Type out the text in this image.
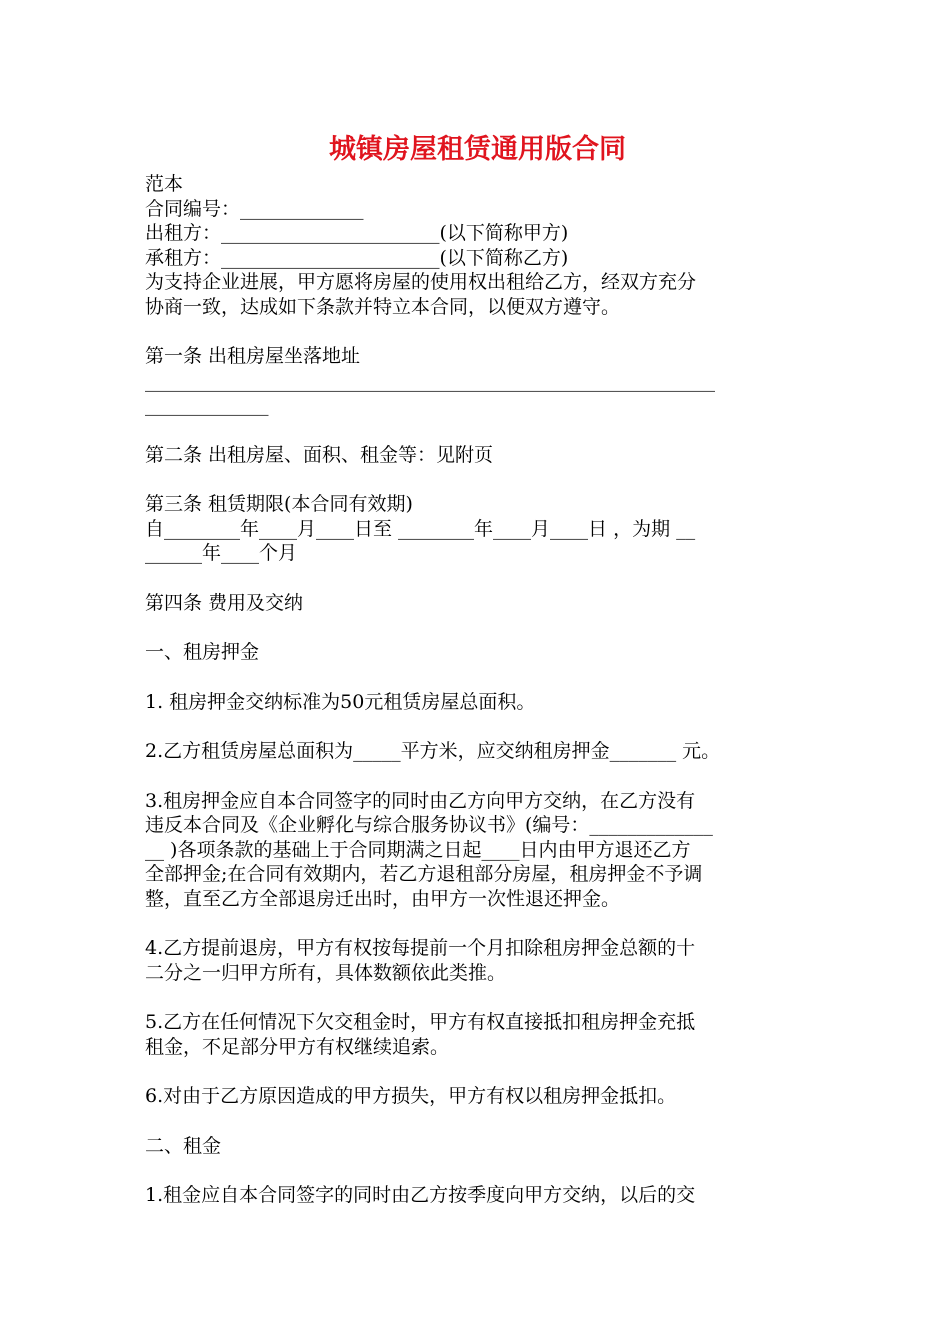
城镇房屋租赁通用版合同
范本
合同编号：_____________
出租方：_______________________(以下简称甲方)
承租方：_______________________(以下简称乙方)
为支持企业进展，甲方愿将房屋的使用权出租给乙方，经双方充分
协商一致，达成如下条款并特立本合同，以便双方遵守。
第一条 出租房屋坐落地址
____________________________________________________________
_____________
第二条 出租房屋、面积、租金等：见附页
第三条 租赁期限(本合同有效期)
自________年____月____日至 ________年____月____日 ，为期 __
______年____个月
第四条 费用及交纳
一、租房押金
1. 租房押金交纳标准为50元租赁房屋总面积。
2.乙方租赁房屋总面积为_____平方米，应交纳租房押金_______ 元。
3.租房押金应自本合同签字的同时由乙方向甲方交纳，在乙方没有
违反本合同及《企业孵化与综合服务协议书》(编号：_____________
__ )各项条款的基础上于合同期满之日起____日内由甲方退还乙方
全部押金;在合同有效期内，若乙方退租部分房屋，租房押金不予调
整，直至乙方全部退房迁出时，由甲方一次性退还押金。
4.乙方提前退房，甲方有权按每提前一个月扣除租房押金总额的十
二分之一归甲方所有，具体数额依此类推。
5.乙方在任何情况下欠交租金时，甲方有权直接抵扣租房押金充抵
租金，不足部分甲方有权继续追索。
6.对由于乙方原因造成的甲方损失，甲方有权以租房押金抵扣。
二、租金
1.租金应自本合同签字的同时由乙方按季度向甲方交纳，以后的交
